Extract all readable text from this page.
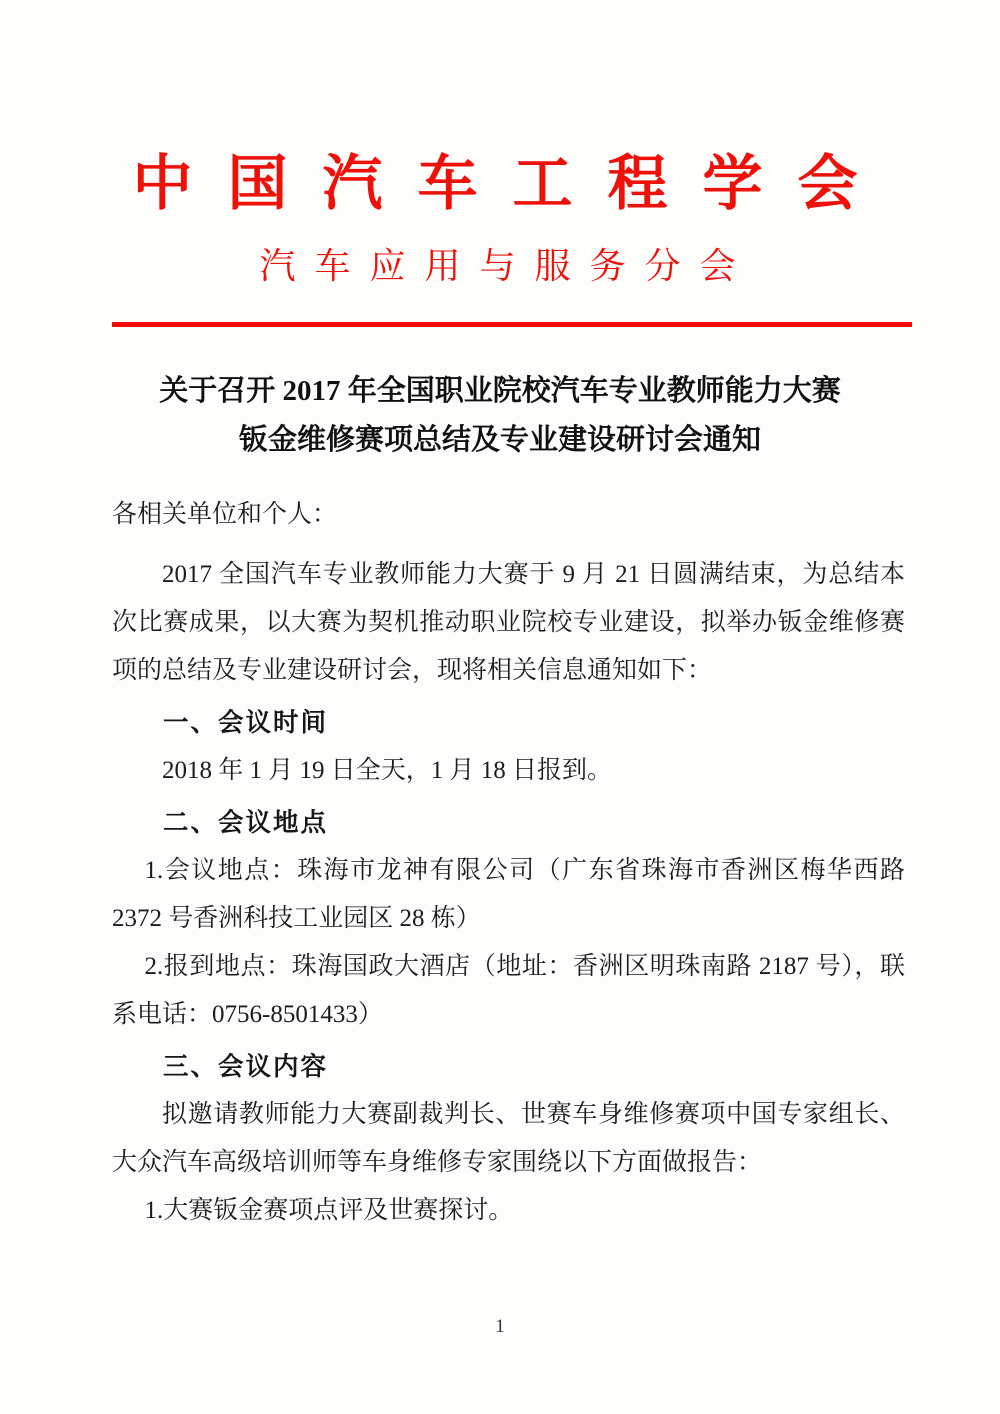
中 国 汽 车 工 程 学 会
汽 车 应 用 与 服 务 分 会
关于召开 2017 年全国职业院校汽车专业教师能力大赛
钣金维修赛项总结及专业建设研讨会通知

各相关单位和个人：

2017 全国汽车专业教师能力大赛于 9 月 21 日圆满结束，为总结本次比赛成果，以大赛为契机推动职业院校专业建设，拟举办钣金维修赛项的总结及专业建设研讨会，现将相关信息通知如下：

一、会议时间

2018 年 1 月 19 日全天，1 月 18 日报到。

二、会议地点

1.会议地点：珠海市龙神有限公司（广东省珠海市香洲区梅华西路 2372 号香洲科技工业园区 28 栋）

2.报到地点：珠海国政大酒店（地址：香洲区明珠南路 2187 号），联系电话：0756-8501433）

三、会议内容

拟邀请教师能力大赛副裁判长、世赛车身维修赛项中国专家组长、大众汽车高级培训师等车身维修专家围绕以下方面做报告：

1.大赛钣金赛项点评及世赛探讨。

1
